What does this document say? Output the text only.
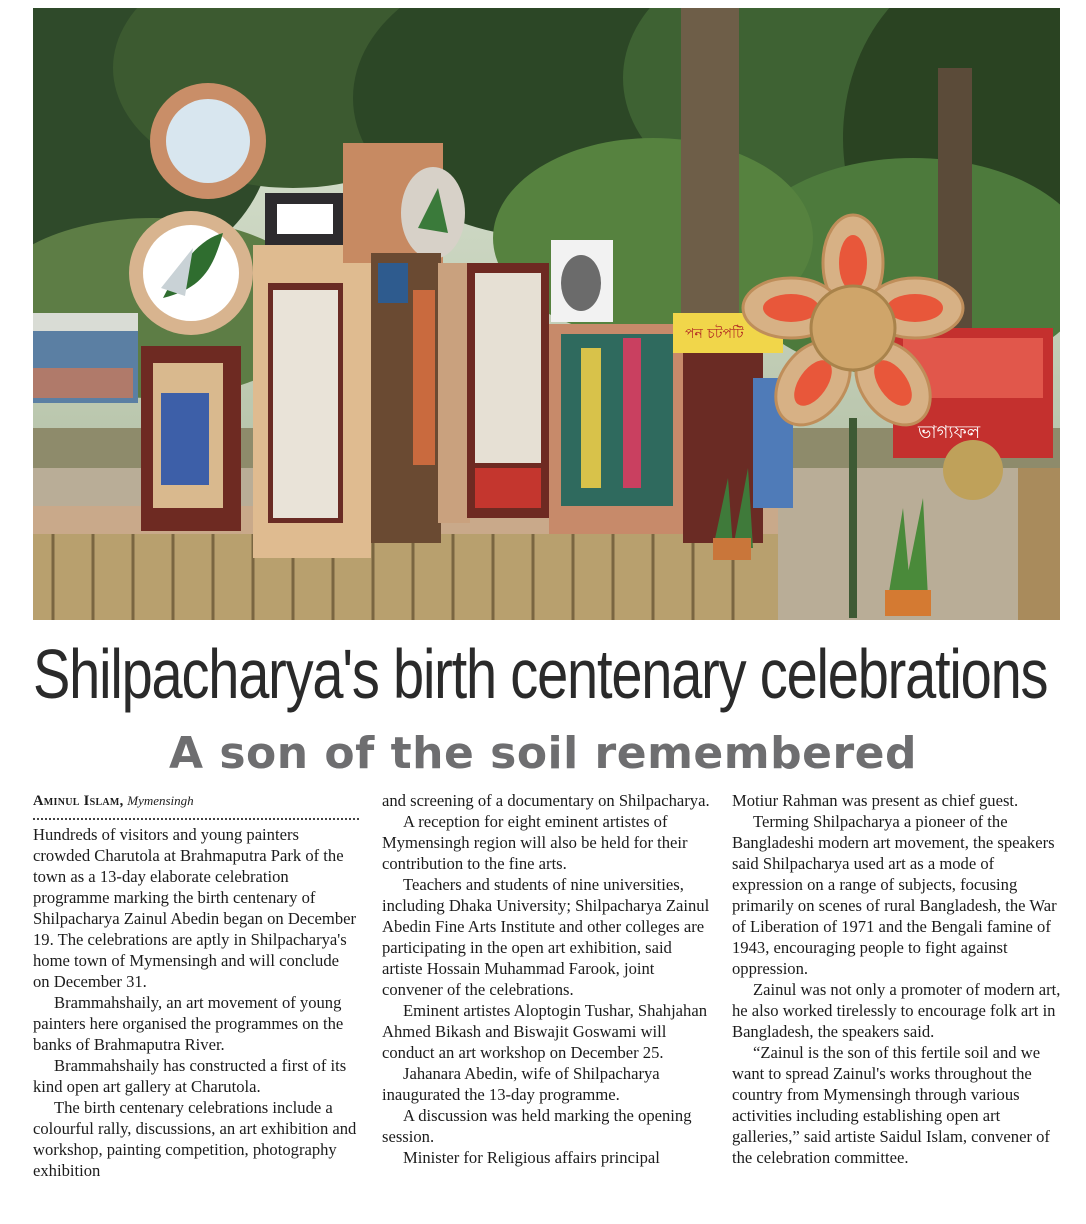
পন চটপটি
ভাগ্যফল
Shilpacharya's birth centenary celebrations
A son of the soil remembered

Aminul Islam, Mymensingh

Hundreds of visitors and young painters crowded Charutola at Brahmaputra Park of the town as a 13-day elaborate celebration programme marking the birth centenary of Shilpacharya Zainul Abedin began on December 19. The celebrations are aptly in Shilpacharya's home town of Mymensingh and will conclude on December 31.

Brammahshaily, an art movement of young painters here organised the programmes on the banks of Brahmaputra River.

Brammahshaily has constructed a first of its kind open art gallery at Charutola.

The birth centenary celebrations include a colourful rally, discussions, an art exhibition and workshop, painting competition, photography exhibition

and screening of a documentary on Shilpacharya.

A reception for eight eminent artistes of Mymensingh region will also be held for their contribution to the fine arts.

Teachers and students of nine universities, including Dhaka University; Shilpacharya Zainul Abedin Fine Arts Institute and other colleges are participating in the open art exhibition, said artiste Hossain Muhammad Farook, joint convener of the celebrations.

Eminent artistes Aloptogin Tushar, Shahjahan Ahmed Bikash and Biswajit Goswami will conduct an art workshop on December 25.

Jahanara Abedin, wife of Shilpacharya inaugurated the 13-day programme.

A discussion was held marking the opening session.

Minister for Religious affairs principal

Motiur Rahman was present as chief guest.

Terming Shilpacharya a pioneer of the Bangladeshi modern art movement, the speakers said Shilpacharya used art as a mode of expression on a range of subjects, focusing primarily on scenes of rural Bangladesh, the War of Liberation of 1971 and the Bengali famine of 1943, encouraging people to fight against oppression.

Zainul was not only a promoter of modern art, he also worked tirelessly to encourage folk art in Bangladesh, the speakers said.

“Zainul is the son of this fertile soil and we want to spread Zainul's works throughout the country from Mymensingh through various activities including establishing open art galleries,” said artiste Saidul Islam, convener of the celebration committee.
